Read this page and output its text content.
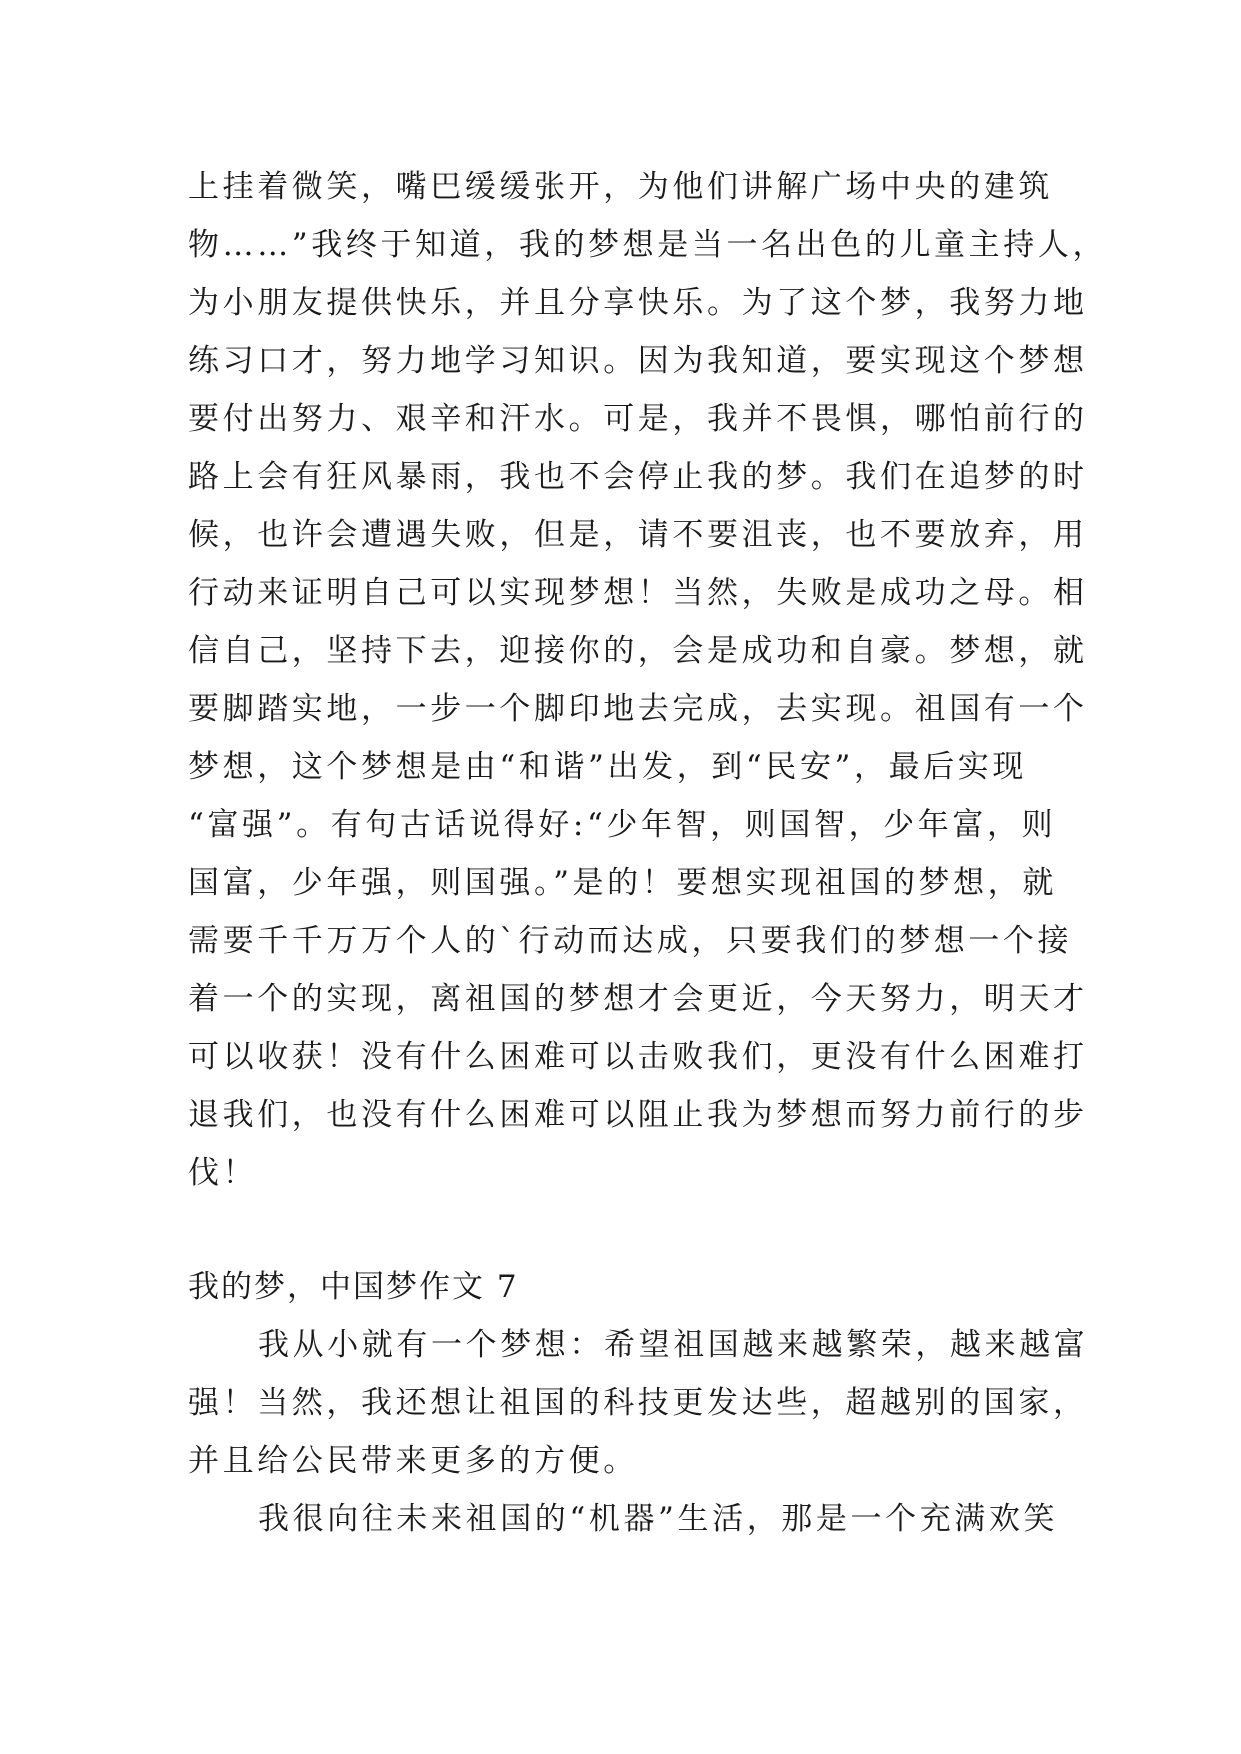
上挂着微笑，嘴巴缓缓张开，为他们讲解广场中央的建筑
物……”我终于知道，我的梦想是当一名出色的儿童主持人，
为小朋友提供快乐，并且分享快乐。为了这个梦，我努力地
练习口才，努力地学习知识。因为我知道，要实现这个梦想
要付出努力、艰辛和汗水。可是，我并不畏惧，哪怕前行的
路上会有狂风暴雨，我也不会停止我的梦。我们在追梦的时
候，也许会遭遇失败，但是，请不要沮丧，也不要放弃，用
行动来证明自己可以实现梦想！当然，失败是成功之母。相
信自己，坚持下去，迎接你的，会是成功和自豪。梦想，就
要脚踏实地，一步一个脚印地去完成，去实现。祖国有一个
梦想，这个梦想是由“和谐”出发，到“民安”，最后实现
“富强”。有句古话说得好:“少年智，则国智，少年富，则
国富，少年强，则国强。”是的！要想实现祖国的梦想，就
需要千千万万个人的`行动而达成，只要我们的梦想一个接
着一个的实现，离祖国的梦想才会更近，今天努力，明天才
可以收获！没有什么困难可以击败我们，更没有什么困难打
退我们，也没有什么困难可以阻止我为梦想而努力前行的步
伐！
我的梦，中国梦作文 7
我从小就有一个梦想：希望祖国越来越繁荣，越来越富
强！当然，我还想让祖国的科技更发达些，超越别的国家，
并且给公民带来更多的方便。
我很向往未来祖国的“机器”生活，那是一个充满欢笑
